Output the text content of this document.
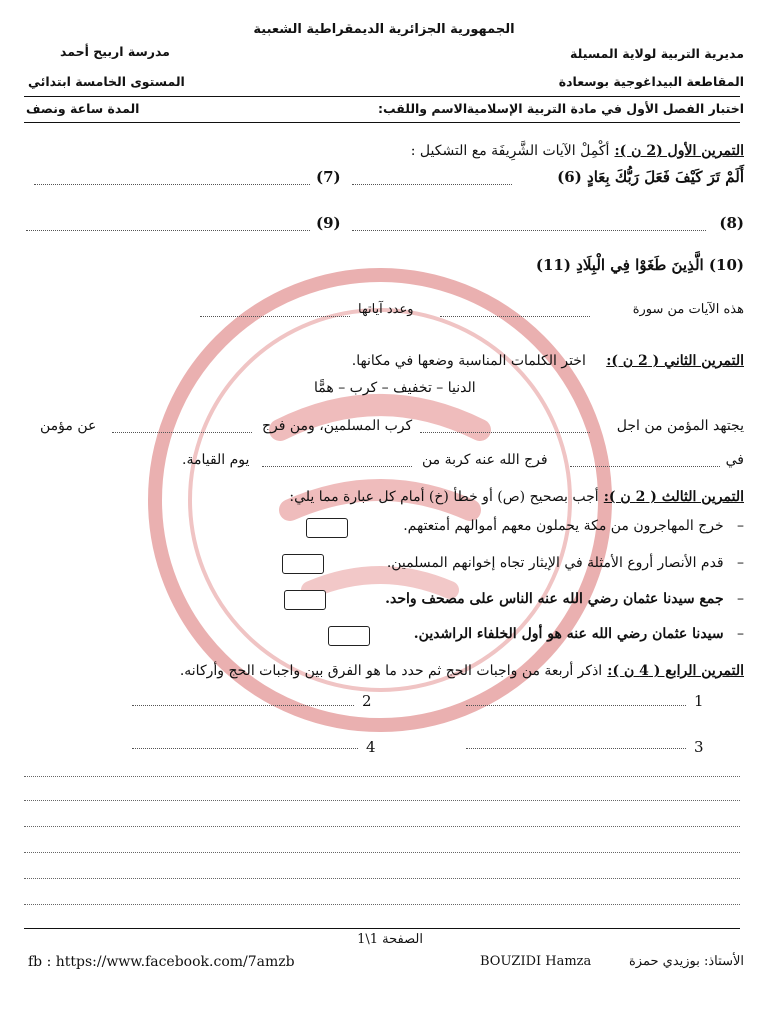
الجمهورية الجزائرية الديمقراطية الشعبية
مديرية التربية لولاية المسيلة
مدرسة اربيح أحمد
المقاطعة البيداغوجية بوسعادة
المستوى الخامسة ابتدائي
اختبار الفصل الأول في مادة التربية الإسلامية
الاسم واللقب:
المدة ساعة ونصف
التمرين الأول (2 ن ): أكْمِلْ الآيات الشَّرِيفَة مع التشكيل :
أَلَمْ تَرَ كَيْفَ فَعَلَ رَبُّكَ بِعَادٍ (6)
(7)
(8)
(9)
(10) الَّذِينَ طَغَوْا فِي الْبِلَادِ (11)
هذه الآيات من سورة
وعدد آياتها
التمرين الثاني ( 2 ن ):    اختر الكلمات المناسبة وضعها في مكانها.
الدنيا – تخفيف – كرب – همًّا
يجتهد المؤمن من اجل
كرب المسلمين، ومن فرج
عن مؤمن
في
فرج الله عنه كربة من
يوم القيامة.
التمرين الثالث ( 2 ن ): أجب بصحيح (ص) أو خطأ (خ) أمام كل عبارة مما يلي:
–   خرج المهاجرون من مكة يحملون معهم أموالهم أمتعتهم.
–   قدم الأنصار أروع الأمثلة في الإيثار تجاه إخوانهم المسلمين.
–   جمع سيدنا عثمان رضي الله عنه الناس على مصحف واحد.
–   سيدنا عثمان رضي الله عنه هو أول الخلفاء الراشدين.
التمرين الرابع ( 4 ن ): اذكر أربعة من واجبات الحج ثم حدد ما هو الفرق بين واجبات الحج وأركانه.
1
2
3
4
الصفحة 1\1
الأستاذ: بوزيدي حمزة
BOUZIDI Hamza
fb : https://www.facebook.com/7amzb
